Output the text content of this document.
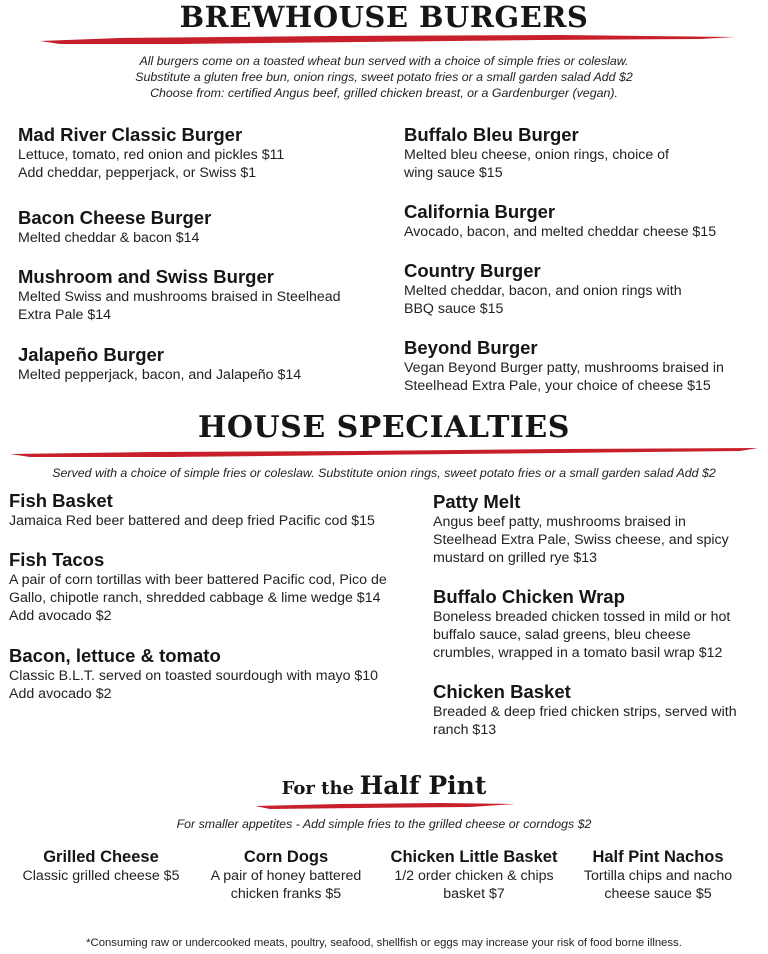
BREWHOUSE BURGERS

All burgers come on a toasted wheat bun served with a choice of simple fries or coleslaw.

Substitute a gluten free bun, onion rings, sweet potato fries or a small garden salad Add $2

Choose from: certified Angus beef, grilled chicken breast, or a Gardenburger (vegan).

Mad River Classic Burger
Lettuce, tomato, red onion and pickles $11
Add cheddar, pepperjack, or Swiss $1
Bacon Cheese Burger
Melted cheddar & bacon $14
Mushroom and Swiss Burger
Melted Swiss and mushrooms braised in Steelhead
Extra Pale $14
Jalapeño Burger
Melted pepperjack, bacon, and Jalapeño $14
Buffalo Bleu Burger
Melted bleu cheese, onion rings, choice of
wing sauce $15
California Burger
Avocado, bacon, and melted cheddar cheese $15
Country Burger
Melted cheddar, bacon, and onion rings with
BBQ sauce $15
Beyond Burger
Vegan Beyond Burger patty, mushrooms braised in
Steelhead Extra Pale, your choice of cheese $15
HOUSE SPECIALTIES

Served with a choice of simple fries or coleslaw. Substitute onion rings, sweet potato fries or a small garden salad Add $2

Fish Basket
Jamaica Red beer battered and deep fried Pacific cod $15
Fish Tacos
A pair of corn tortillas with beer battered Pacific cod, Pico de
Gallo, chipotle ranch, shredded cabbage & lime wedge $14
Add avocado $2
Bacon, lettuce & tomato
Classic B.L.T. served on toasted sourdough with mayo $10
Add avocado $2
Patty Melt
Angus beef patty, mushrooms braised in
Steelhead Extra Pale, Swiss cheese, and spicy
mustard on grilled rye $13
Buffalo Chicken Wrap
Boneless breaded chicken tossed in mild or hot
buffalo sauce, salad greens, bleu cheese
crumbles, wrapped in a tomato basil wrap $12
Chicken Basket
Breaded & deep fried chicken strips, served with
ranch $13
For the Half Pint

For smaller appetites - Add simple fries to the grilled cheese or corndogs $2

Grilled Cheese
Classic grilled cheese $5
Corn Dogs
A pair of honey battered
chicken franks $5
Chicken Little Basket
1/2 order chicken & chips
basket $7
Half Pint Nachos
Tortilla chips and nacho
cheese sauce $5

*Consuming raw or undercooked meats, poultry, seafood, shellfish or eggs may increase your risk of food borne illness.
